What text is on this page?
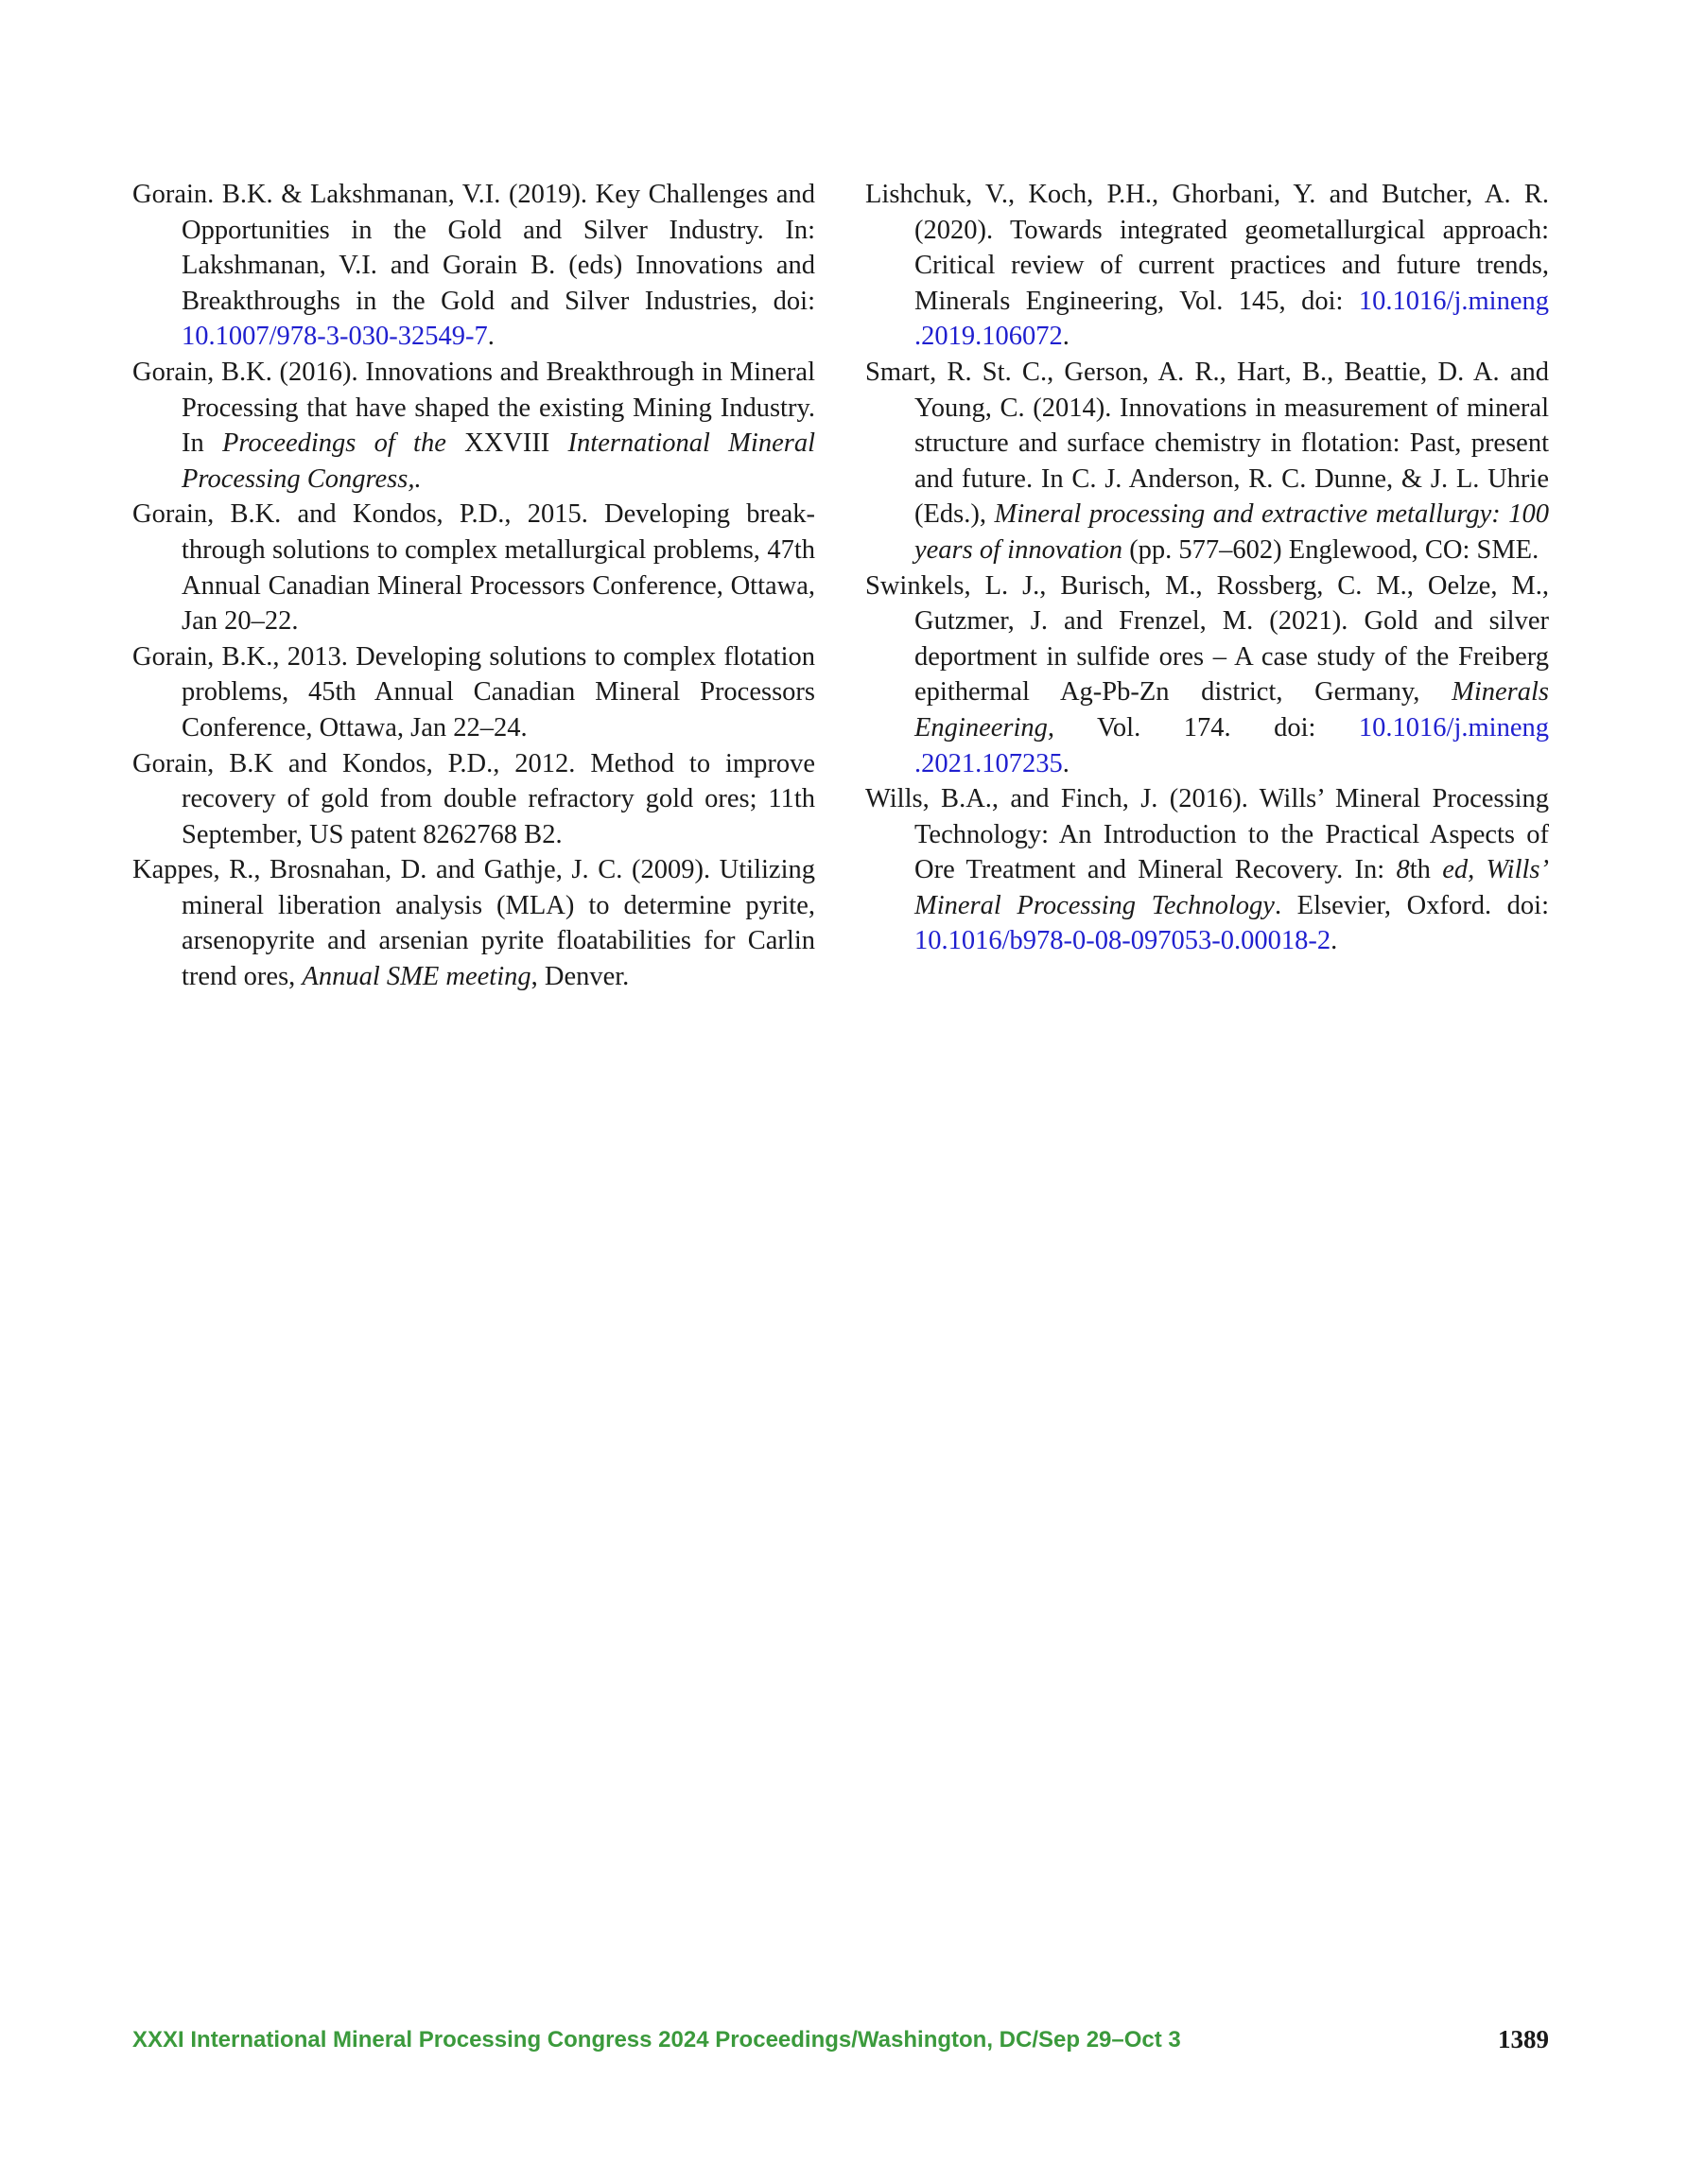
Gorain. B.K. & Lakshmanan, V.I. (2019). Key Challenges and Opportunities in the Gold and Silver Industry. In: Lakshmanan, V.I. and Gorain B. (eds) Innovations and Breakthroughs in the Gold and Silver Industries, doi: 10.1007/978-3-030-32549-7.

Gorain, B.K. (2016). Innovations and Breakthrough in Mineral Processing that have shaped the existing Mining Industry. In Proceedings of the XXVIII International Mineral Processing Congress,.

Gorain, B.K. and Kondos, P.D., 2015. Developing breakthrough solutions to complex metallurgical problems, 47th Annual Canadian Mineral Processors Conference, Ottawa, Jan 20–22.

Gorain, B.K., 2013. Developing solutions to complex flotation problems, 45th Annual Canadian Mineral Processors Conference, Ottawa, Jan 22–24.

Gorain, B.K and Kondos, P.D., 2012. Method to improve recovery of gold from double refractory gold ores; 11th September, US patent 8262768 B2.

Kappes, R., Brosnahan, D. and Gathje, J. C. (2009). Utilizing mineral liberation analysis (MLA) to determine pyrite, arsenopyrite and arsenian pyrite floatabilities for Carlin trend ores, Annual SME meeting, Denver.

Lishchuk, V., Koch, P.H., Ghorbani, Y. and Butcher, A. R. (2020). Towards integrated geometallurgical approach: Critical review of current practices and future trends, Minerals Engineering, Vol. 145, doi: 10.1016/j.mineng .2019.106072.

Smart, R. St. C., Gerson, A. R., Hart, B., Beattie, D. A. and Young, C. (2014). Innovations in measurement of mineral structure and surface chemistry in flotation: Past, present and future. In C. J. Anderson, R. C. Dunne, & J. L. Uhrie (Eds.), Mineral processing and extractive metallurgy: 100 years of innovation (pp. 577–602) Englewood, CO: SME.

Swinkels, L. J., Burisch, M., Rossberg, C. M., Oelze, M., Gutzmer, J. and Frenzel, M. (2021). Gold and silver deportment in sulfide ores – A case study of the Freiberg epithermal Ag-Pb-Zn district, Germany, Minerals Engineering, Vol. 174. doi: 10.1016/j.mineng .2021.107235.

Wills, B.A., and Finch, J. (2016). Wills’ Mineral Processing Technology: An Introduction to the Practical Aspects of Ore Treatment and Mineral Recovery. In: 8th ed, Wills’ Mineral Processing Technology. Elsevier, Oxford. doi: 10.1016/b978-0-08-097053-0.00018-2.

XXXI International Mineral Processing Congress 2024 Proceedings/Washington, DC/Sep 29–Oct 3	1389
